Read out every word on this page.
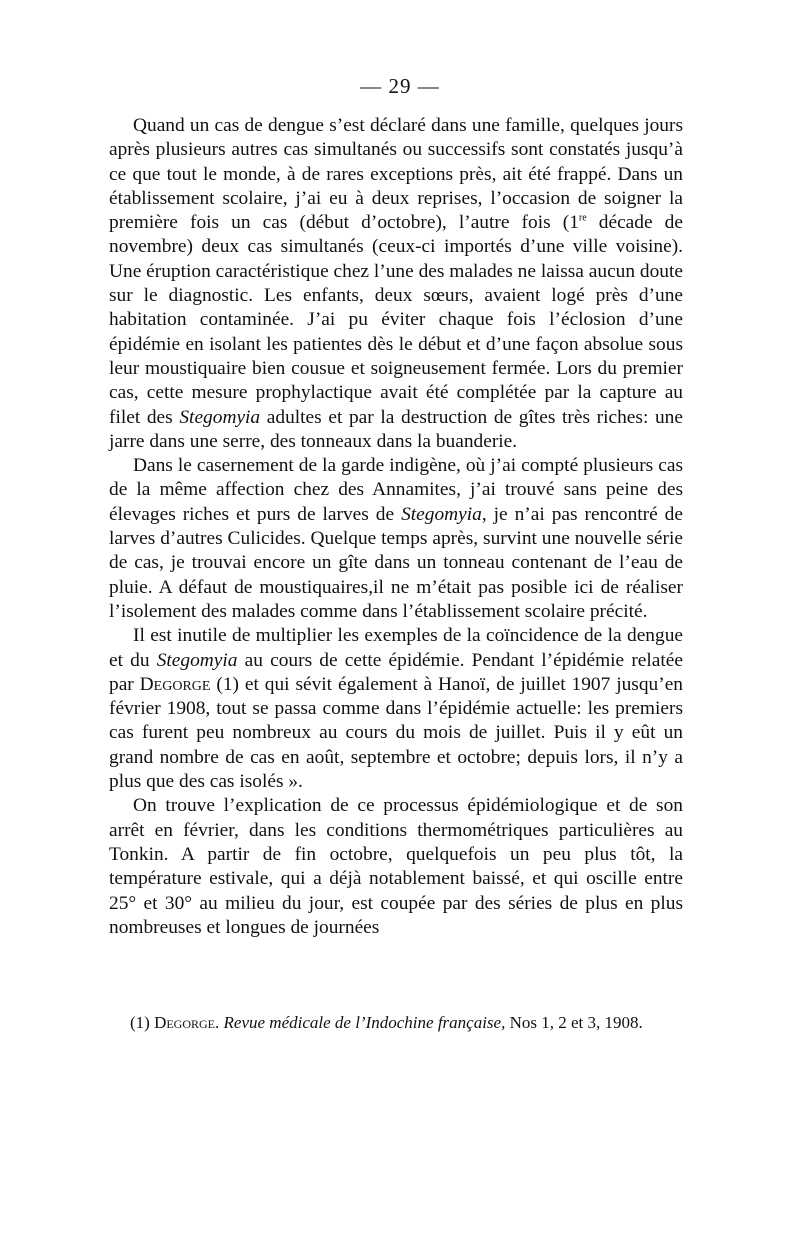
— 29 —

Quand un cas de dengue s’est déclaré dans une famille, quelques jours après plusieurs autres cas simultanés ou successifs sont constatés jusqu’à ce que tout le monde, à de rares exceptions près, ait été frappé. Dans un établissement scolaire, j’ai eu à deux reprises, l’occasion de soigner la première fois un cas (début d’octobre), l’autre fois (1re décade de novembre) deux cas simultanés (ceux-ci importés d’une ville voisine). Une éruption caractéristique chez l’une des malades ne laissa aucun doute sur le diagnostic. Les enfants, deux sœurs, avaient logé près d’une habitation contaminée. J’ai pu éviter chaque fois l’éclosion d’une épidémie en isolant les patientes dès le début et d’une façon absolue sous leur moustiquaire bien cousue et soigneusement fermée. Lors du premier cas, cette mesure prophylactique avait été complétée par la capture au filet des Stegomyia adultes et par la destruction de gîtes très riches: une jarre dans une serre, des tonneaux dans la buanderie.

Dans le casernement de la garde indigène, où j’ai compté plusieurs cas de la même affection chez des Annamites, j’ai trouvé sans peine des élevages riches et purs de larves de Stegomyia, je n’ai pas rencontré de larves d’autres Culicides. Quelque temps après, survint une nouvelle série de cas, je trouvai encore un gîte dans un tonneau contenant de l’eau de pluie. A défaut de moustiquaires,il ne m’était pas posible ici de réaliser l’isolement des malades comme dans l’établissement scolaire précité.

Il est inutile de multiplier les exemples de la coïncidence de la dengue et du Stegomyia au cours de cette épidémie. Pendant l’épidémie relatée par Degorge (1) et qui sévit également à Hanoï, de juillet 1907 jusqu’en février 1908, tout se passa comme dans l’épidémie actuelle: les premiers cas furent peu nombreux au cours du mois de juillet. Puis il y eût un grand nombre de cas en août, septembre et octobre; depuis lors, il n’y a plus que des cas isolés ».

On trouve l’explication de ce processus épidémiologique et de son arrêt en février, dans les conditions thermométriques particulières au Tonkin. A partir de fin octobre, quelquefois un peu plus tôt, la température estivale, qui a déjà notablement baissé, et qui oscille entre 25° et 30° au milieu du jour, est coupée par des séries de plus en plus nombreuses et longues de journées

(1) Degorge. Revue médicale de l’Indochine française, Nos 1, 2 et 3, 1908.
